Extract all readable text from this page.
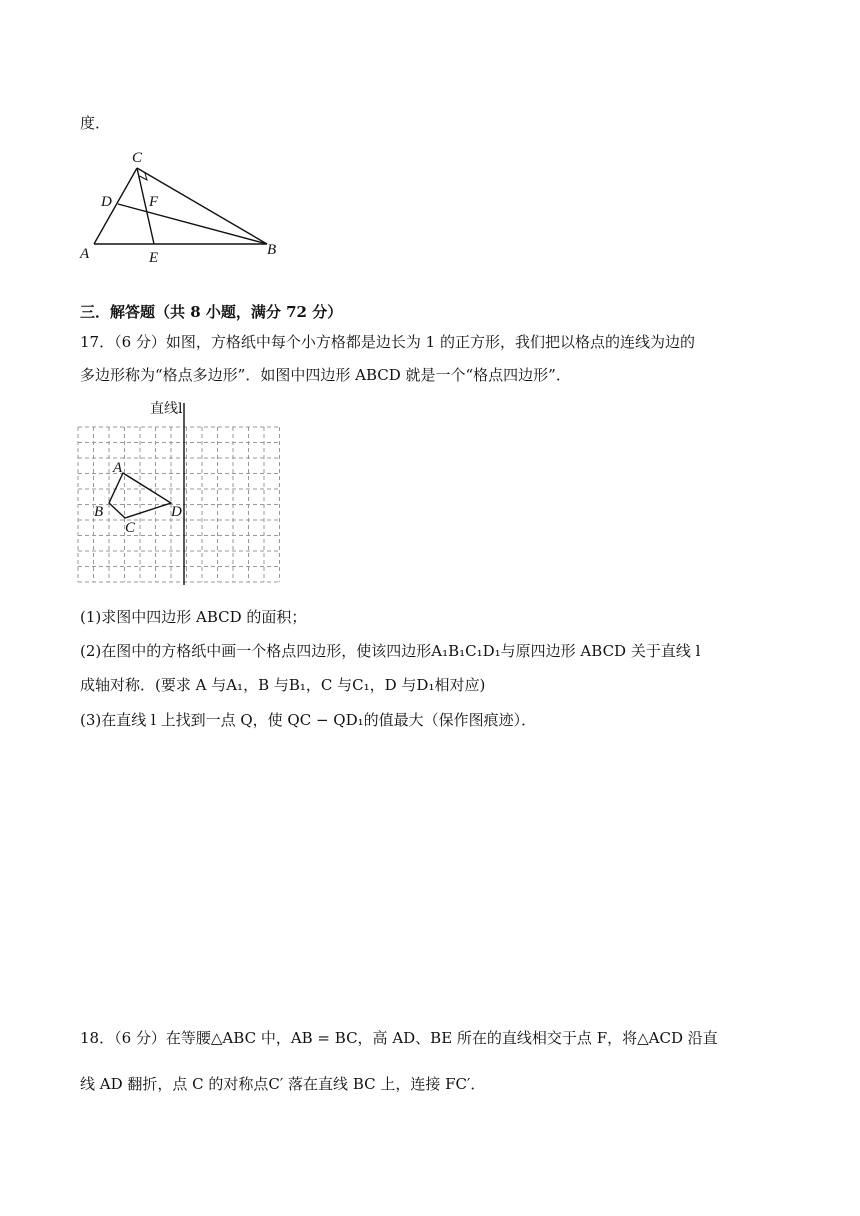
度．
C
D F
A	E	B
三．解答题（共 8 小题，满分 72 分）
17．（6 分）如图，方格纸中每个小方格都是边长为 1 的正方形，我们把以格点的连线为边的
多边形称为“格点多边形”．如图中四边形 ABCD 就是一个“格点四边形”．
直线l
A
B
C
D
(1)求图中四边形 ABCD 的面积；
(2)在图中的方格纸中画一个格点四边形，使该四边形A₁B₁C₁D₁与原四边形 ABCD 关于直线 l
成轴对称．(要求 A 与A₁，B 与B₁，C 与C₁，D 与D₁相对应)
(3)在直线 l 上找到一点 Q，使 QC − QD₁的值最大（保作图痕迹）．
18．（6 分）在等腰△ABC 中，AB = BC，高 AD、BE 所在的直线相交于点 F，将△ACD 沿直
线 AD 翻折，点 C 的对称点C′ 落在直线 BC 上，连接 FC′．
